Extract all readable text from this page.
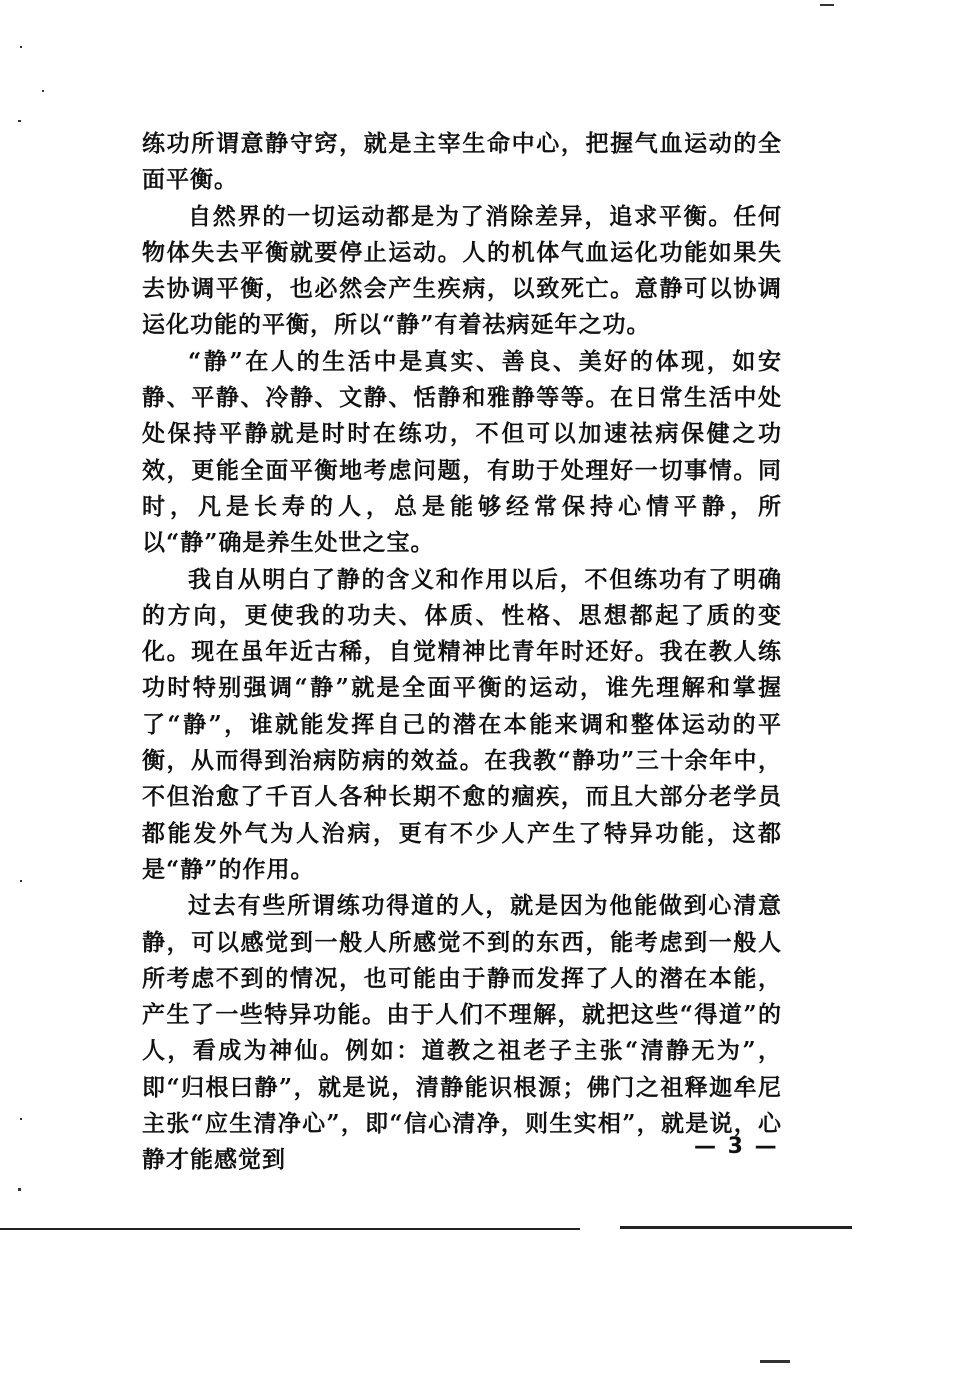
练功所谓意静守窍，就是主宰生命中心，把握气血运动的全面平衡。

自然界的一切运动都是为了消除差异，追求平衡。任何物体失去平衡就要停止运动。人的机体气血运化功能如果失去协调平衡，也必然会产生疾病，以致死亡。意静可以协调运化功能的平衡，所以“静”有着祛病延年之功。

“静”在人的生活中是真实、善良、美好的体现，如安静、平静、冷静、文静、恬静和雅静等等。在日常生活中处处保持平静就是时时在练功，不但可以加速祛病保健之功效，更能全面平衡地考虑问题，有助于处理好一切事情。同时，凡是长寿的人，总是能够经常保持心情平静，所以“静”确是养生处世之宝。

我自从明白了静的含义和作用以后，不但练功有了明确的方向，更使我的功夫、体质、性格、思想都起了质的变化。现在虽年近古稀，自觉精神比青年时还好。我在教人练功时特别强调“静”就是全面平衡的运动，谁先理解和掌握了“静”，谁就能发挥自己的潜在本能来调和整体运动的平衡，从而得到治病防病的效益。在我教“静功”三十余年中，不但治愈了千百人各种长期不愈的痼疾，而且大部分老学员都能发外气为人治病，更有不少人产生了特异功能，这都是“静”的作用。

过去有些所谓练功得道的人，就是因为他能做到心清意静，可以感觉到一般人所感觉不到的东西，能考虑到一般人所考虑不到的情况，也可能由于静而发挥了人的潜在本能，产生了一些特异功能。由于人们不理解，就把这些“得道”的人，看成为神仙。例如：道教之祖老子主张“清静无为”，即“归根曰静”，就是说，清静能识根源；佛门之祖释迦牟尼主张“应生清净心”，即“信心清净，则生实相”，就是说，心静才能感觉到	— 3 —
